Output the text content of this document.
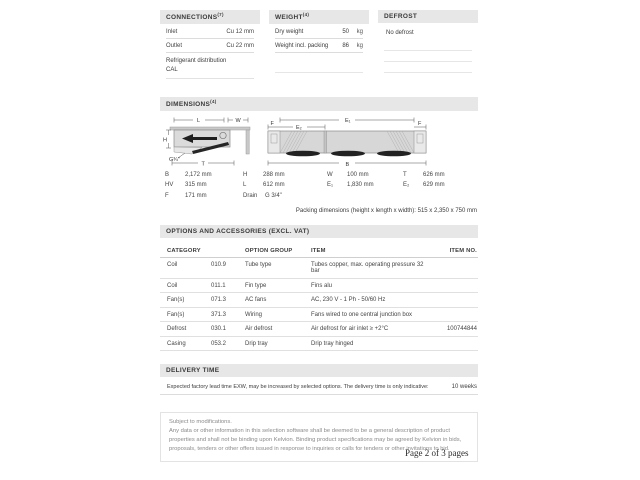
CONNECTIONS$^{(7)}$
Inlet	Cu 12 mm
Outlet	Cu 22 mm
Refrigerant distribution
CAL
WEIGHT$^{(4)}$
Dry weight	50	kg
Weight incl. packing	86	kg
DEFROST
No defrost
DIMENSIONS$^{(4)}$
L	W
H
G¾"
T
E₁
F
E₂
F
B
B	2,172 mm
HV	315 mm
F	171 mm
H	288 mm
L	612 mm
Drain	G 3/4"
W	100 mm
E₁	1,830 mm
T	626 mm
E₂	629 mm
Packing dimensions (height x length x width): 515 x 2,350 x 750 mm
OPTIONS AND ACCESSORIES (EXCL. VAT)
CATEGORY	OPTION GROUP	ITEM	ITEM NO.
Coil	010.9	Tube type	Tubes copper, max. operating pressure 32 bar
Coil	011.1	Fin type	Fins alu
Fan(s)	071.3	AC fans	AC, 230 V - 1 Ph - 50/60 Hz
Fan(s)	371.3	Wiring	Fans wired to one central junction box
Defrost	030.1	Air defrost	Air defrost for air inlet ≥ +2°C	100744844
Casing	053.2	Drip tray	Drip tray hinged
DELIVERY TIME
Expected factory lead time EXW, may be increased by selected options. The delivery time is only indicative:	10 weeks
Subject to modifications.
Any data or other information in this selection software shall be deemed to be a general description of product properties and shall not be binding upon Kelvion. Binding product specifications may be agreed by Kelvion in bids, proposals, tenders or other offers issued in response to inquiries or calls for tenders or other invitations to bid.
Page 2 of 3 pages
